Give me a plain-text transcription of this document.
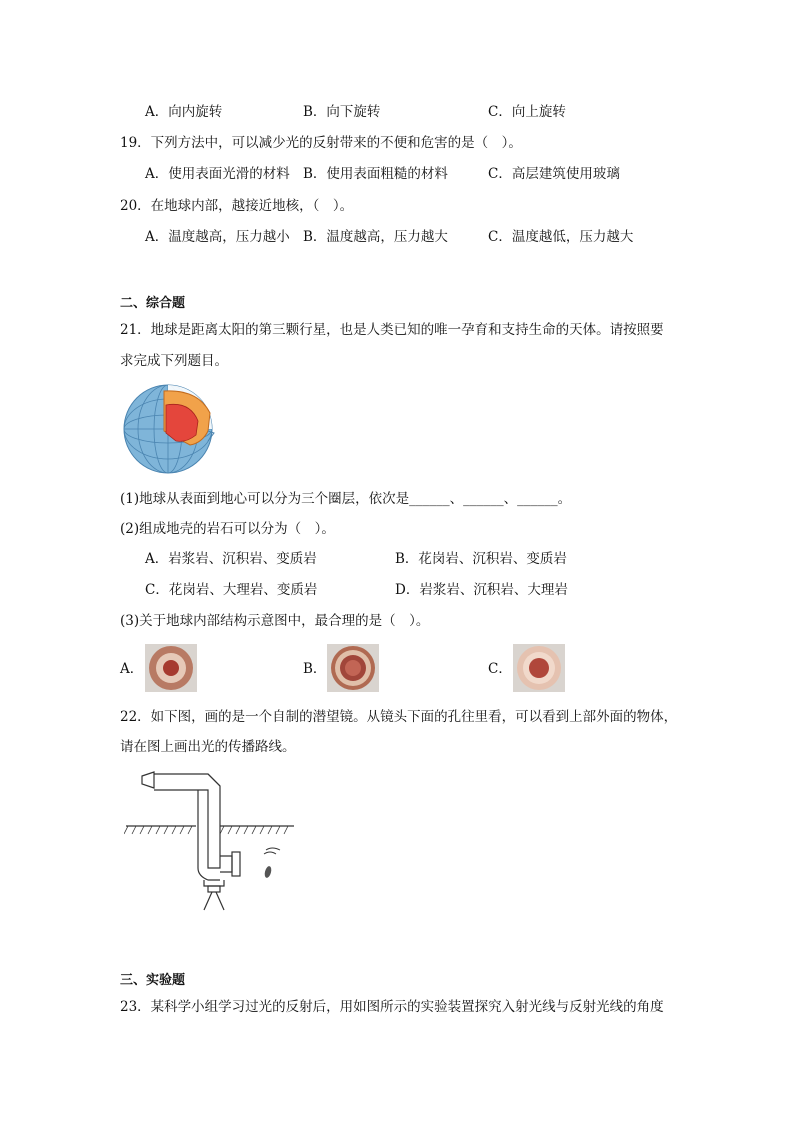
A．向内旋转	B．向下旋转	C．向上旋转
19．下列方法中，可以减少光的反射带来的不便和危害的是（　）。
A．使用表面光滑的材料 B．使用表面粗糙的材料	C．高层建筑使用玻璃
20．在地球内部，越接近地核，（　）。
A．温度越高，压力越小 B．温度越高，压力越大	C．温度越低，压力越大
二、综合题
21．地球是距离太阳的第三颗行星，也是人类已知的唯一孕育和支持生命的天体。请按照要
求完成下列题目。
(1)地球从表面到地心可以分为三个圈层，依次是______、______、______。
(2)组成地壳的岩石可以分为（　）。
A．岩浆岩、沉积岩、变质岩	B．花岗岩、沉积岩、变质岩
C．花岗岩、大理岩、变质岩	D．岩浆岩、沉积岩、大理岩
(3)关于地球内部结构示意图中，最合理的是（　）。
A．	B．	C．
22．如下图，画的是一个自制的潜望镜。从镜头下面的孔往里看，可以看到上部外面的物体，
请在图上画出光的传播路线。
三、实验题
23．某科学小组学习过光的反射后，用如图所示的实验装置探究入射光线与反射光线的角度
